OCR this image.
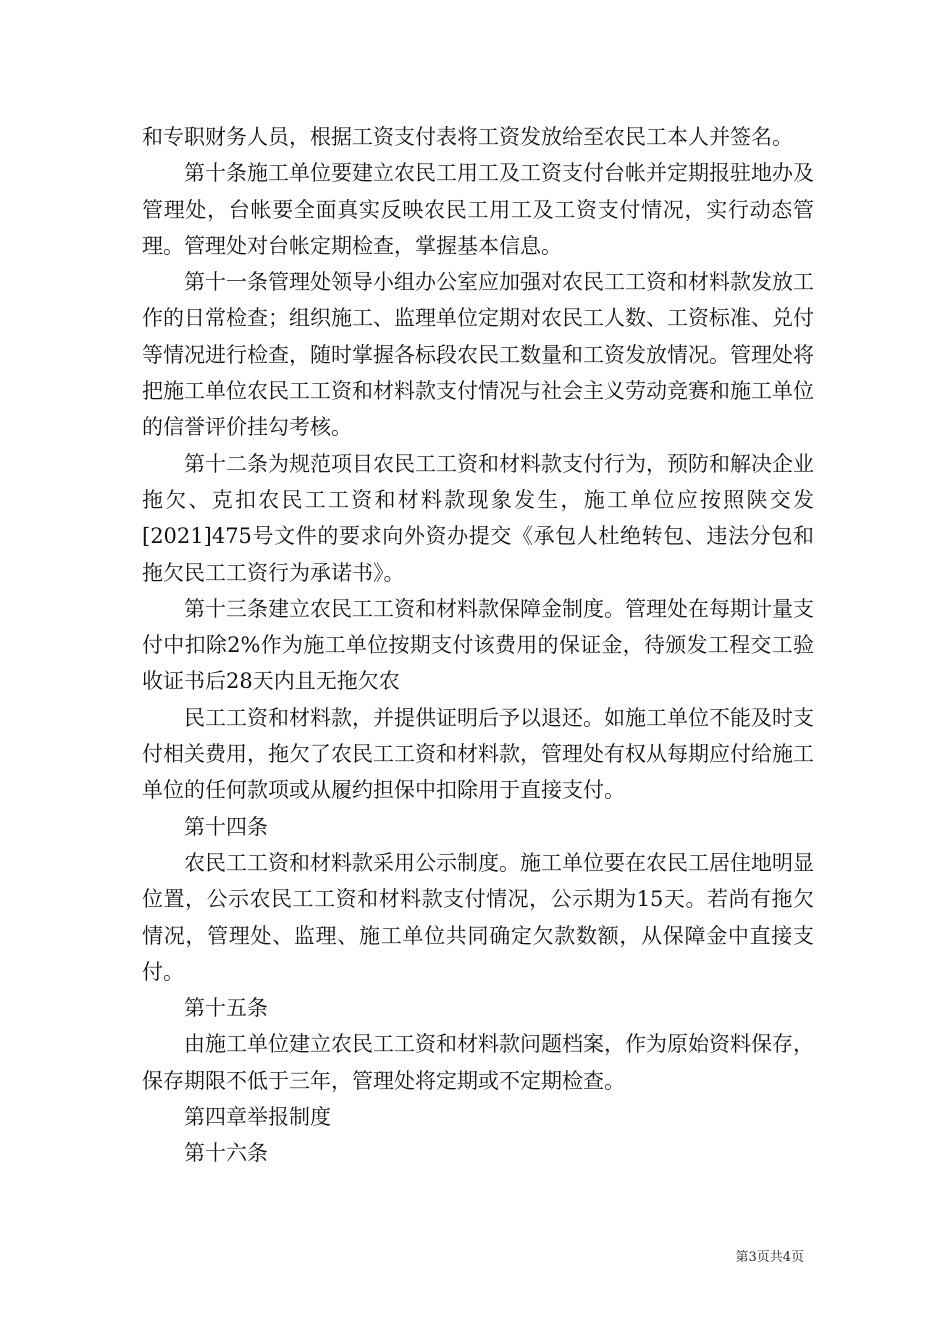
和专职财务人员，根据工资支付表将工资发放给至农民工本人并签名。

第十条施工单位要建立农民工用工及工资支付台帐并定期报驻地办及管理处，台帐要全面真实反映农民工用工及工资支付情况，实行动态管理。管理处对台帐定期检查，掌握基本信息。

第十一条管理处领导小组办公室应加强对农民工工资和材料款发放工作的日常检查；组织施工、监理单位定期对农民工人数、工资标准、兑付等情况进行检查，随时掌握各标段农民工数量和工资发放情况。管理处将把施工单位农民工工资和材料款支付情况与社会主义劳动竞赛和施工单位的信誉评价挂勾考核。

第十二条为规范项目农民工工资和材料款支付行为，预防和解决企业拖欠、克扣农民工工资和材料款现象发生，施工单位应按照陕交发[2021]475号文件的要求向外资办提交《承包人杜绝转包、违法分包和拖欠民工工资行为承诺书》。

第十三条建立农民工工资和材料款保障金制度。管理处在每期计量支付中扣除2%作为施工单位按期支付该费用的保证金，待颁发工程交工验收证书后28天内且无拖欠农

民工工资和材料款，并提供证明后予以退还。如施工单位不能及时支付相关费用，拖欠了农民工工资和材料款，管理处有权从每期应付给施工单位的任何款项或从履约担保中扣除用于直接支付。

第十四条

农民工工资和材料款采用公示制度。施工单位要在农民工居住地明显位置，公示农民工工资和材料款支付情况，公示期为15天。若尚有拖欠情况，管理处、监理、施工单位共同确定欠款数额，从保障金中直接支付。

第十五条

由施工单位建立农民工工资和材料款问题档案，作为原始资料保存，保存期限不低于三年，管理处将定期或不定期检查。

第四章举报制度

第十六条

第3页共4页
